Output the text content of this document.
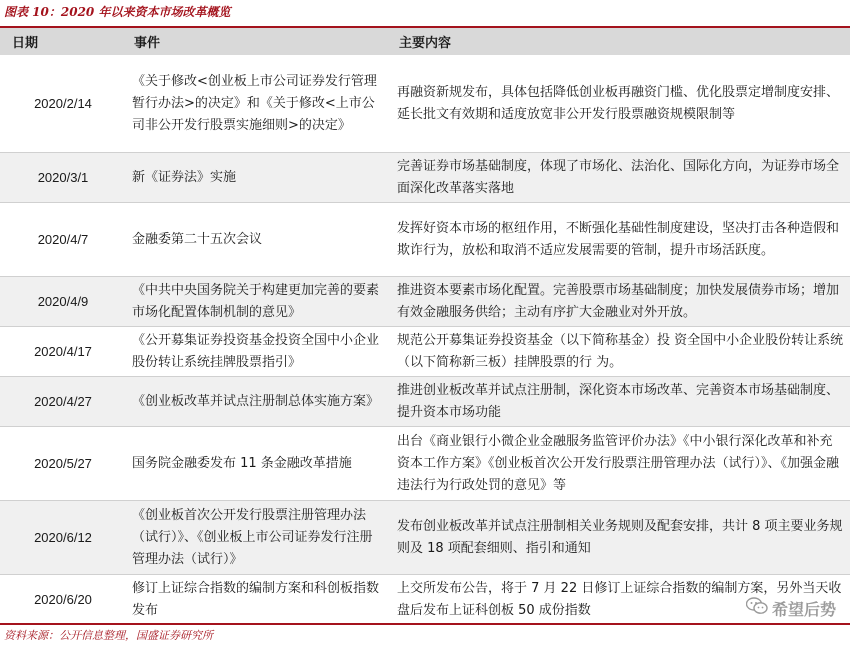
图表 10：2020 年以来资本市场改革概览
日期	事件	主要内容
2020/2/14	《关于修改<创业板上市公司证券发行管理暂行办法>的决定》和《关于修改<上市公司非公开发行股票实施细则>的决定》	再融资新规发布，具体包括降低创业板再融资门槛、优化股票定增制度安排、延长批文有效期和适度放宽非公开发行股票融资规模限制等
2020/3/1	新《证券法》实施	完善证券市场基础制度，体现了市场化、法治化、国际化方向，为证券市场全面深化改革落实落地
2020/4/7	金融委第二十五次会议	发挥好资本市场的枢纽作用，不断强化基础性制度建设，坚决打击各种造假和欺诈行为，放松和取消不适应发展需要的管制，提升市场活跃度。
2020/4/9	《中共中央国务院关于构建更加完善的要素市场化配置体制机制的意见》	推进资本要素市场化配置。完善股票市场基础制度；加快发展债券市场；增加有效金融服务供给；主动有序扩大金融业对外开放。
2020/4/17	《公开募集证券投资基金投资全国中小企业股份转让系统挂牌股票指引》	规范公开募集证券投资基金（以下简称基金）投 资全国中小企业股份转让系统（以下简称新三板）挂牌股票的行 为。
2020/4/27	《创业板改革并试点注册制总体实施方案》	推进创业板改革并试点注册制，深化资本市场改革、完善资本市场基础制度、提升资本市场功能
2020/5/27	国务院金融委发布 11 条金融改革措施	出台《商业银行小微企业金融服务监管评价办法》《中小银行深化改革和补充资本工作方案》《创业板首次公开发行股票注册管理办法（试行）》、《加强金融违法行为行政处罚的意见》等
2020/6/12	《创业板首次公开发行股票注册管理办法（试行）》、《创业板上市公司证券发行注册管理办法（试行）》	发布创业板改革并试点注册制相关业务规则及配套安排，共计 8 项主要业务规则及 18 项配套细则、指引和通知
2020/6/20	修订上证综合指数的编制方案和科创板指数发布	上交所发布公告，将于 7 月 22 日修订上证综合指数的编制方案，另外当天收盘后发布上证科创板 50 成份指数
资料来源：公开信息整理，国盛证券研究所
希望后势
